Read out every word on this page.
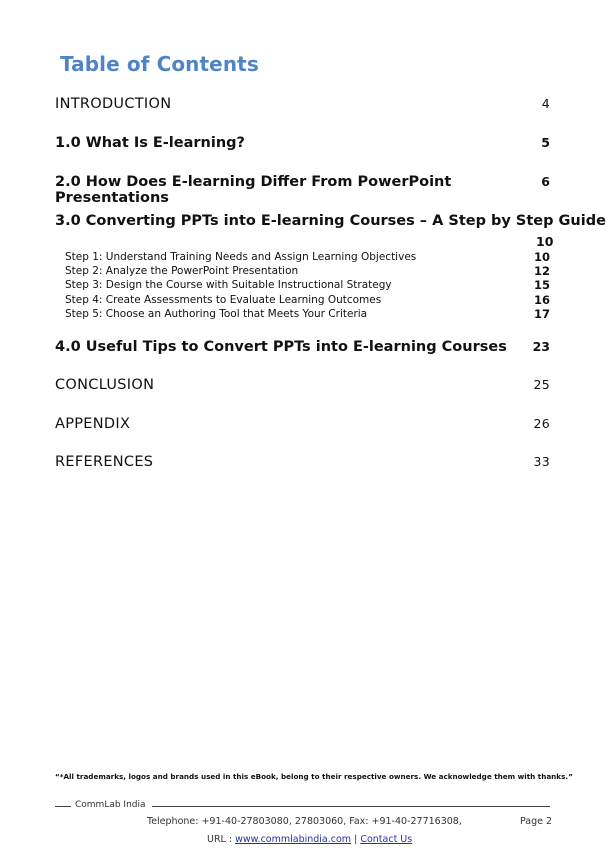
Table of Contents
INTRODUCTION	4
1.0 What Is E-learning?	5
2.0 How Does E-learning Differ From PowerPoint Presentations
6
3.0 Converting PPTs into E-learning Courses – A Step by Step Guide
10
Step 1: Understand Training Needs and Assign Learning Objectives	10
Step 2: Analyze the PowerPoint Presentation	12
Step 3: Design the Course with Suitable Instructional Strategy	15
Step 4: Create Assessments to Evaluate Learning Outcomes	16
Step 5: Choose an Authoring Tool that Meets Your Criteria	17
4.0 Useful Tips to Convert PPTs into E-learning Courses 23
CONCLUSION	25
APPENDIX	26
REFERENCES	33
“*All trademarks, logos and brands used in this eBook, belong to their respective owners. We acknowledge them with thanks.”
CommLab India
Telephone: +91-40-27803080, 27803060, Fax: +91-40-27716308,	Page 2
URL : www.commlabindia.com | Contact Us
